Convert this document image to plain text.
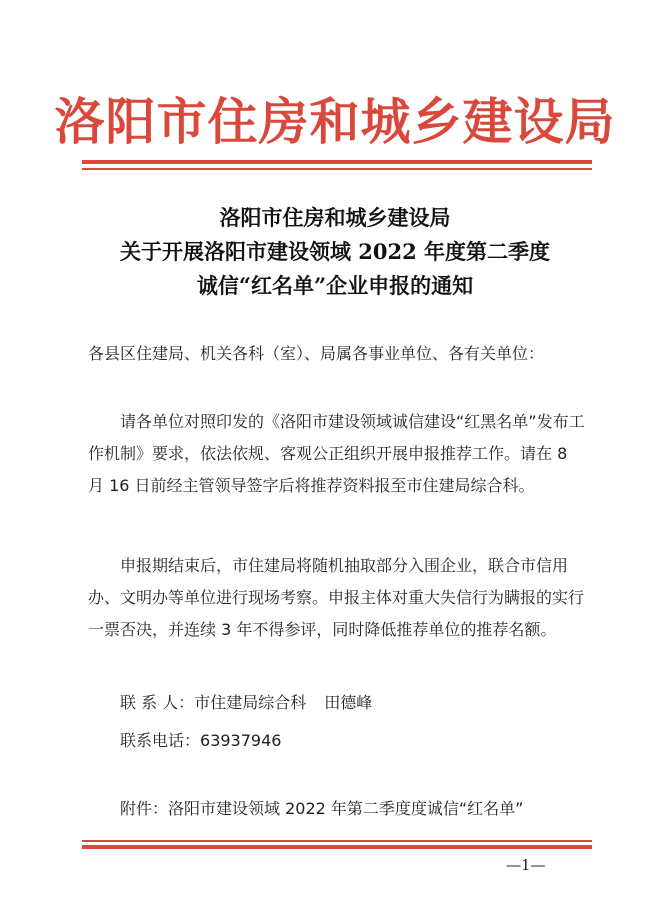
洛阳市住房和城乡建设局
洛阳市住房和城乡建设局
关于开展洛阳市建设领域 2022 年度第二季度
诚信“红名单”企业申报的通知
各县区住建局、机关各科（室）、局属各事业单位、各有关单位：
请各单位对照印发的《洛阳市建设领域诚信建设“红黑名单”发布工作机制》要求，依法依规、客观公正组织开展申报推荐工作。请在 8 月 16 日前经主管领导签字后将推荐资料报至市住建局综合科。
申报期结束后，市住建局将随机抽取部分入围企业，联合市信用办、文明办等单位进行现场考察。申报主体对重大失信行为瞒报的实行一票否决，并连续 3 年不得参评，同时降低推荐单位的推荐名额。
联 系 人：市住建局综合科 田德峰
联系电话：63937946
附件：洛阳市建设领域 2022 年第二季度度诚信“红名单”
—1—
